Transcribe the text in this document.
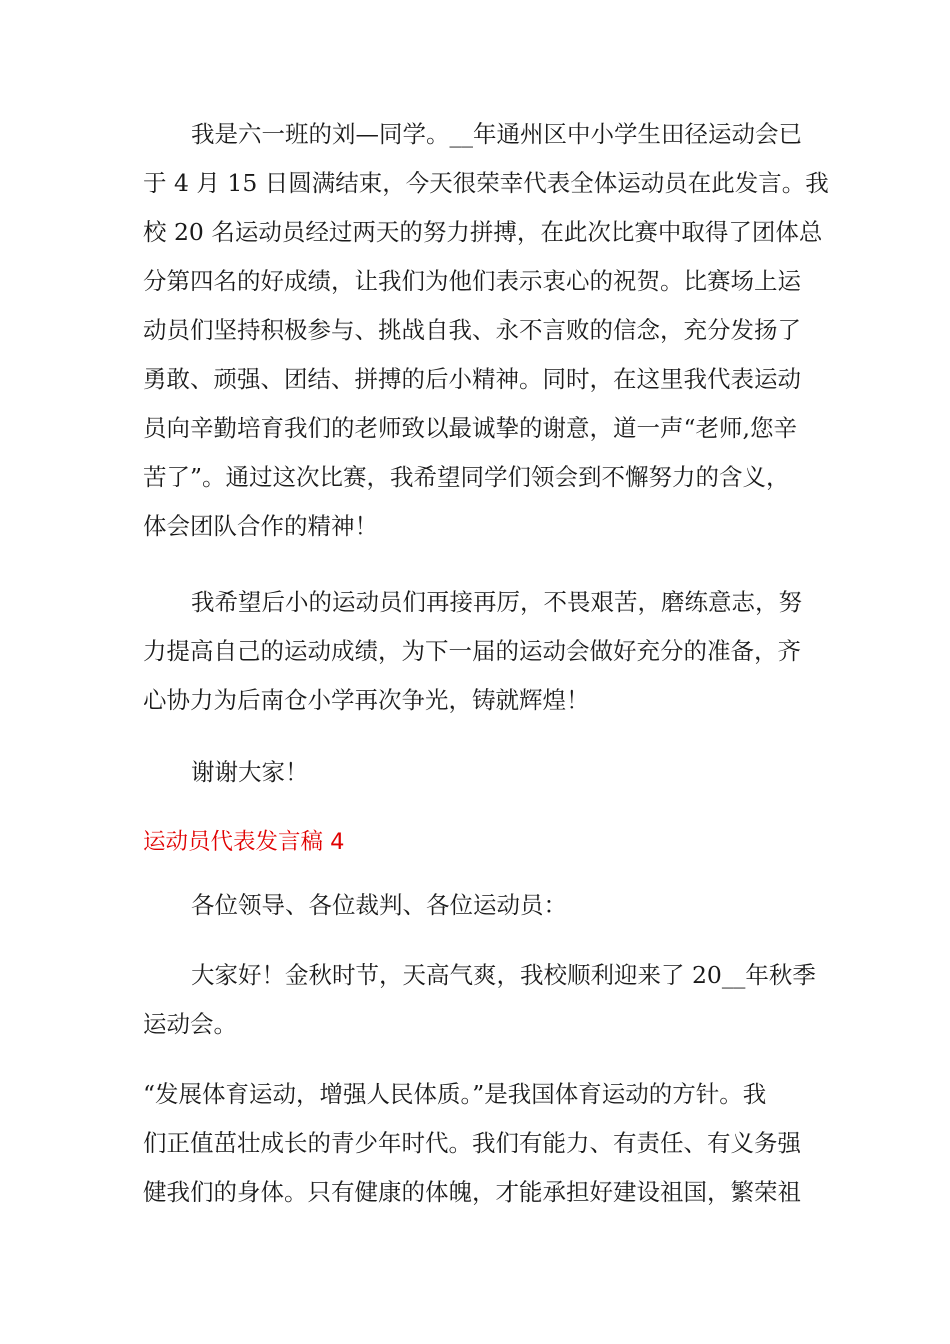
我是六一班的刘—同学。__年通州区中小学生田径运动会已
于 4 月 15 日圆满结束，今天很荣幸代表全体运动员在此发言。我
校 20 名运动员经过两天的努力拼搏，在此次比赛中取得了团体总
分第四名的好成绩，让我们为他们表示衷心的祝贺。比赛场上运
动员们坚持积极参与、挑战自我、永不言败的信念，充分发扬了
勇敢、顽强、团结、拼搏的后小精神。同时，在这里我代表运动
员向辛勤培育我们的老师致以最诚挚的谢意，道一声“老师,您辛
苦了”。通过这次比赛，我希望同学们领会到不懈努力的含义，
体会团队合作的精神！
我希望后小的运动员们再接再厉，不畏艰苦，磨练意志，努
力提高自己的运动成绩，为下一届的运动会做好充分的准备，齐
心协力为后南仓小学再次争光，铸就辉煌！
谢谢大家！
运动员代表发言稿 4
各位领导、各位裁判、各位运动员：
大家好！金秋时节，天高气爽，我校顺利迎来了 20__年秋季
运动会。
“发展体育运动，增强人民体质。”是我国体育运动的方针。我
们正值茁壮成长的青少年时代。我们有能力、有责任、有义务强
健我们的身体。只有健康的体魄，才能承担好建设祖国，繁荣祖
